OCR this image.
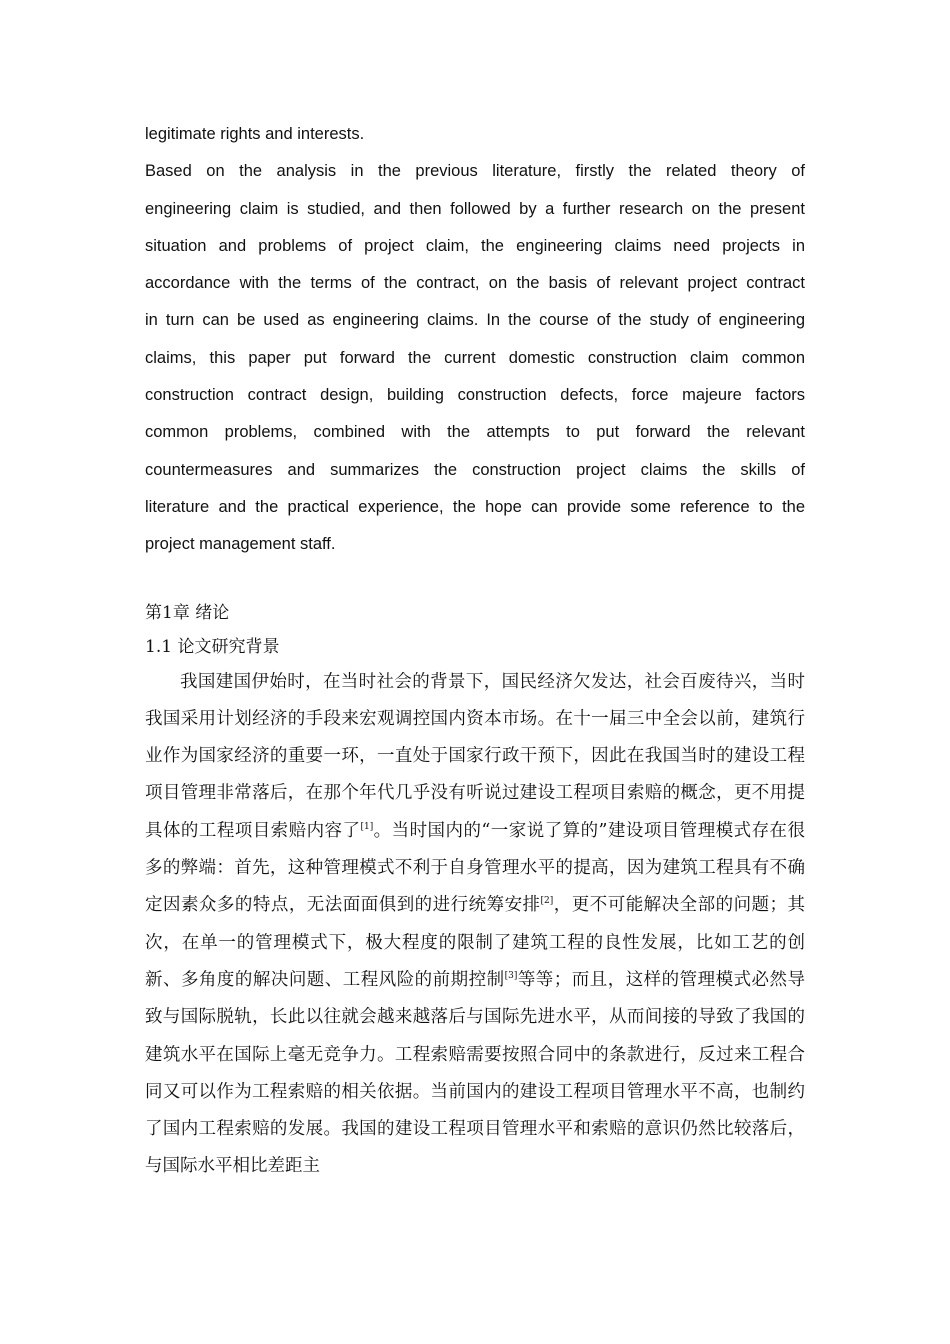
legitimate rights and interests.
Based on the analysis in the previous literature, firstly the related theory of
engineering claim is studied, and then followed by a further research on the present
situation and problems of project claim, the engineering claims need projects in
accordance with the terms of the contract, on the basis of relevant project contract
in turn can be used as engineering claims. In the course of the study of engineering
claims, this paper put forward the current domestic construction claim common
construction contract design, building construction defects, force majeure factors
common problems, combined with the attempts to put forward the relevant
countermeasures and summarizes the construction project claims the skills of
literature and the practical experience, the hope can provide some reference to the
project management staff.
第1章 绪论
1.1 论文研究背景

我国建国伊始时，在当时社会的背景下，国民经济欠发达，社会百废待兴，当时我国采用计划经济的手段来宏观调控国内资本市场。在十一届三中全会以前，建筑行业作为国家经济的重要一环，一直处于国家行政干预下，因此在我国当时的建设工程项目管理非常落后，在那个年代几乎没有听说过建设工程项目索赔的概念，更不用提具体的工程项目索赔内容了[1]。当时国内的“一家说了算的”建设项目管理模式存在很多的弊端：首先，这种管理模式不利于自身管理水平的提高，因为建筑工程具有不确定因素众多的特点，无法面面俱到的进行统筹安排[2]，更不可能解决全部的问题；其次，在单一的管理模式下，极大程度的限制了建筑工程的良性发展，比如工艺的创新、多角度的解决问题、工程风险的前期控制[3]等等；而且，这样的管理模式必然导致与国际脱轨，长此以往就会越来越落后与国际先进水平，从而间接的导致了我国的建筑水平在国际上毫无竞争力。工程索赔需要按照合同中的条款进行，反过来工程合同又可以作为工程索赔的相关依据。当前国内的建设工程项目管理水平不高，也制约了国内工程索赔的发展。我国的建设工程项目管理水平和索赔的意识仍然比较落后，与国际水平相比差距主
